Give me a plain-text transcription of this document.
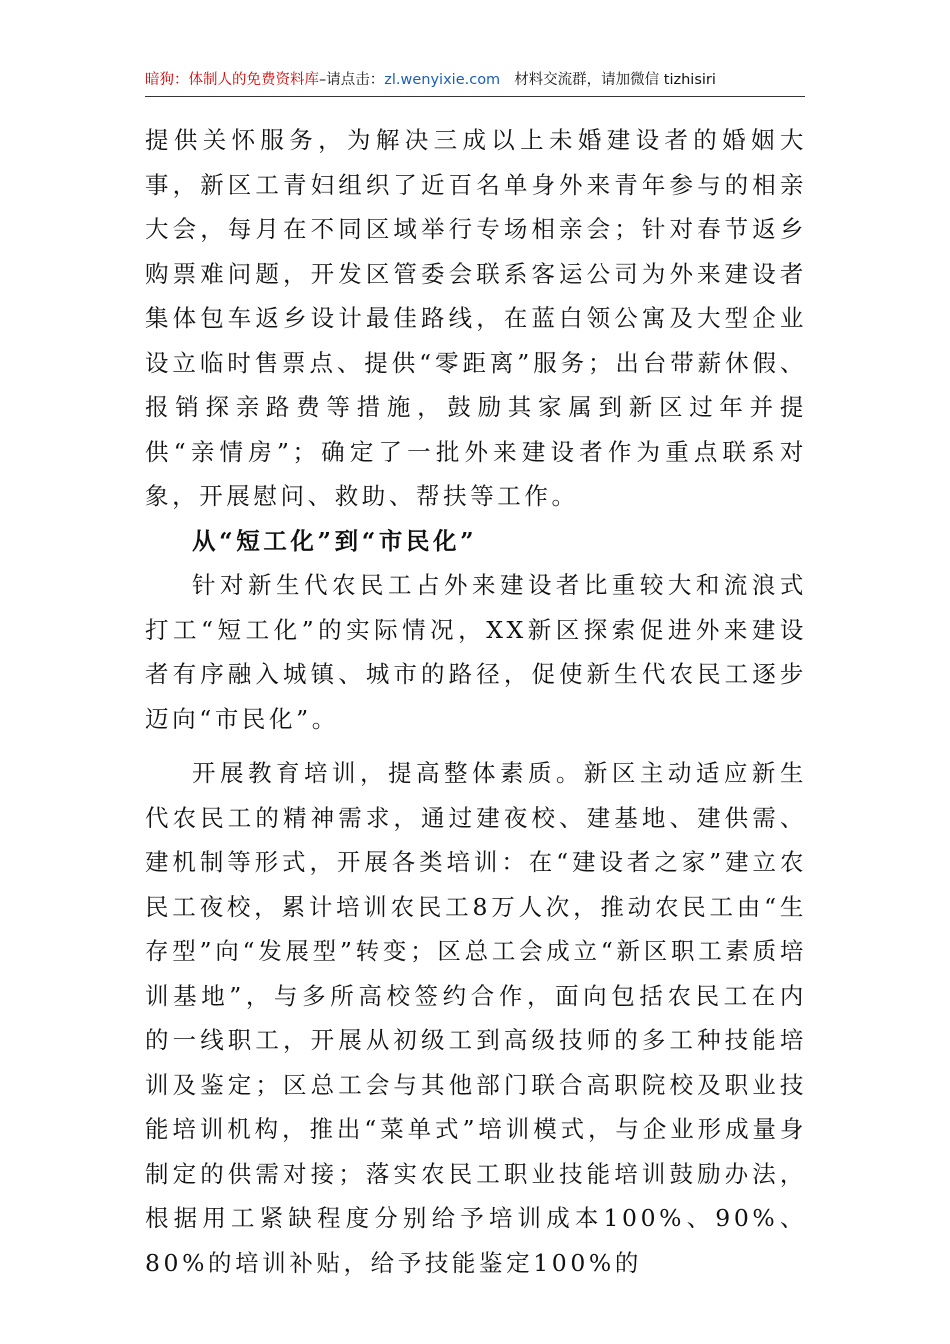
暗狗：体制人的免费资料库–请点击：zl.wenyixie.com 材料交流群，请加微信 tizhisiri

提供关怀服务，为解决三成以上未婚建设者的婚姻大事，新区工青妇组织了近百名单身外来青年参与的相亲大会，每月在不同区域举行专场相亲会；针对春节返乡购票难问题，开发区管委会联系客运公司为外来建设者集体包车返乡设计最佳路线，在蓝白领公寓及大型企业设立临时售票点、提供“零距离”服务；出台带薪休假、报销探亲路费等措施，鼓励其家属到新区过年并提供“亲情房”；确定了一批外来建设者作为重点联系对象，开展慰问、救助、帮扶等工作。

从“短工化”到“市民化”

针对新生代农民工占外来建设者比重较大和流浪式打工“短工化”的实际情况，XX新区探索促进外来建设者有序融入城镇、城市的路径，促使新生代农民工逐步迈向“市民化”。

开展教育培训，提高整体素质。新区主动适应新生代农民工的精神需求，通过建夜校、建基地、建供需、建机制等形式，开展各类培训：在“建设者之家”建立农民工夜校，累计培训农民工8万人次，推动农民工由“生存型”向“发展型”转变；区总工会成立“新区职工素质培训基地”，与多所高校签约合作，面向包括农民工在内的一线职工，开展从初级工到高级技师的多工种技能培训及鉴定；区总工会与其他部门联合高职院校及职业技能培训机构，推出“菜单式”培训模式，与企业形成量身制定的供需对接；落实农民工职业技能培训鼓励办法，根据用工紧缺程度分别给予培训成本100%、90%、80%的培训补贴，给予技能鉴定100%的
